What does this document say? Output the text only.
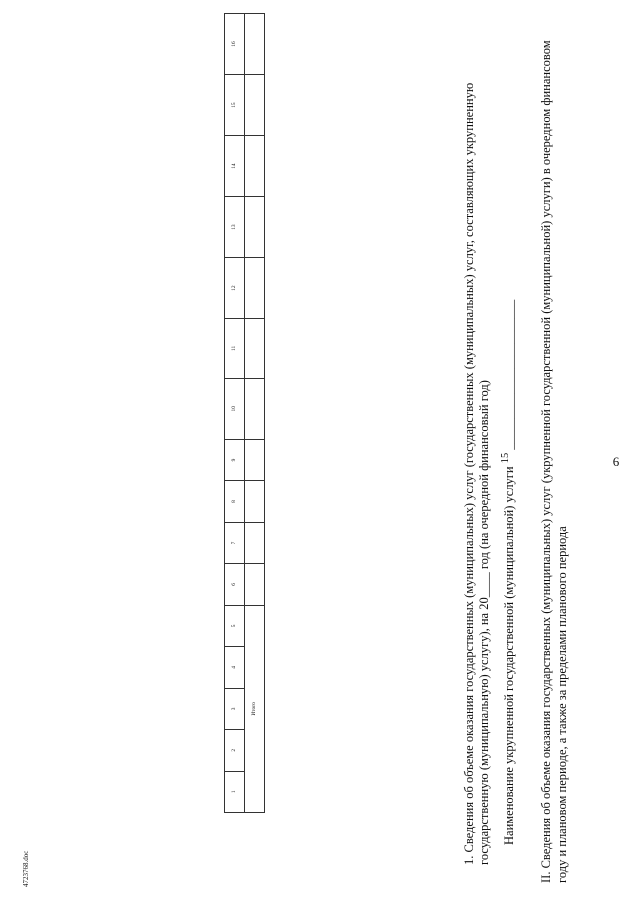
6
II. Сведения об объеме оказания государственных (муниципальных) услуг (укрупненной государственной (муниципальной) услуги) в очередном финансовом году и плановом периоде, а также за пределами планового периода
Наименование укрупненной государственной (муниципальной) услуги $^{15}$ ________________________
1. Сведения об объеме оказания государственных (муниципальных) услуг (государственных (муниципальных) услуг, составляющих укрупненную государственную (муниципальную) услугу), на 20____ год (на очередной финансовый год)
4723768.doc
1	2	3	4	5	6	7	8	9	10	11	12	13	14	15	16
Итого															
